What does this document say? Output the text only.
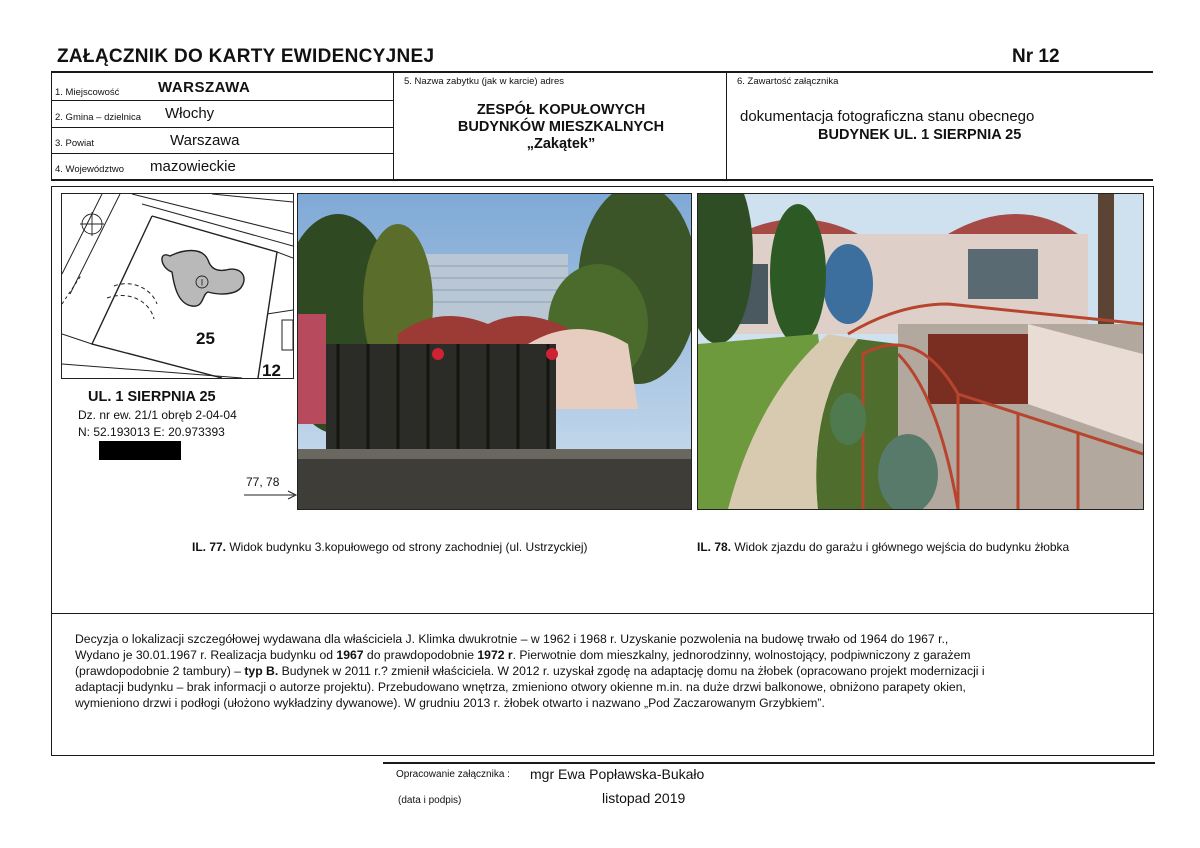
ZAŁĄCZNIK DO KARTY EWIDENCYJNEJ	Nr 12
1. Miejscowość	WARSZAWA
2. Gmina – dzielnica Włochy
3. Powiat	Warszawa
4. Województwo mazowieckie
5. Nazwa zabytku (jak w karcie) adres
ZESPÓŁ KOPUŁOWYCH
BUDYNKÓW MIESZKALNYCH
„Zakątek”
6. Zawartość załącznika
dokumentacja fotograficzna stanu obecnego
BUDYNEK UL. 1 SIERPNIA 25
I
25
12
UL. 1 SIERPNIA 25
Dz. nr ew. 21/1 obręb 2-04-04
N: 52.193013 E: 20.973393
77, 78
IL. 77. Widok budynku 3.kopułowego od strony zachodniej (ul. Ustrzyckiej)	IL. 78. Widok zjazdu do garażu i głównego wejścia do budynku żłobka
Decyzja o lokalizacji szczegółowej wydawana dla właściciela J. Klimka dwukrotnie – w 1962 i 1968 r. Uzyskanie pozwolenia na budowę trwało od 1964 do 1967 r.,
Wydano je 30.01.1967 r. Realizacja budynku od 1967 do prawdopodobnie 1972 r. Pierwotnie dom mieszkalny, jednorodzinny, wolnostojący, podpiwniczony z garażem
(prawdopodobnie 2 tambury) – typ B. Budynek w 2011 r.? zmienił właściciela. W 2012 r. uzyskał zgodę na adaptację domu na żłobek (opracowano projekt modernizacji i
adaptacji budynku – brak informacji o autorze projektu). Przebudowano wnętrza, zmieniono otwory okienne m.in. na duże drzwi balkonowe, obniżono parapety okien,
wymieniono drzwi i podłogi (ułożono wykładziny dywanowe). W grudniu 2013 r. żłobek otwarto i nazwano „Pod Zaczarowanym Grzybkiem”.
Opracowanie załącznika : mgr Ewa Popławska-Bukało
(data i podpis)	listopad 2019
